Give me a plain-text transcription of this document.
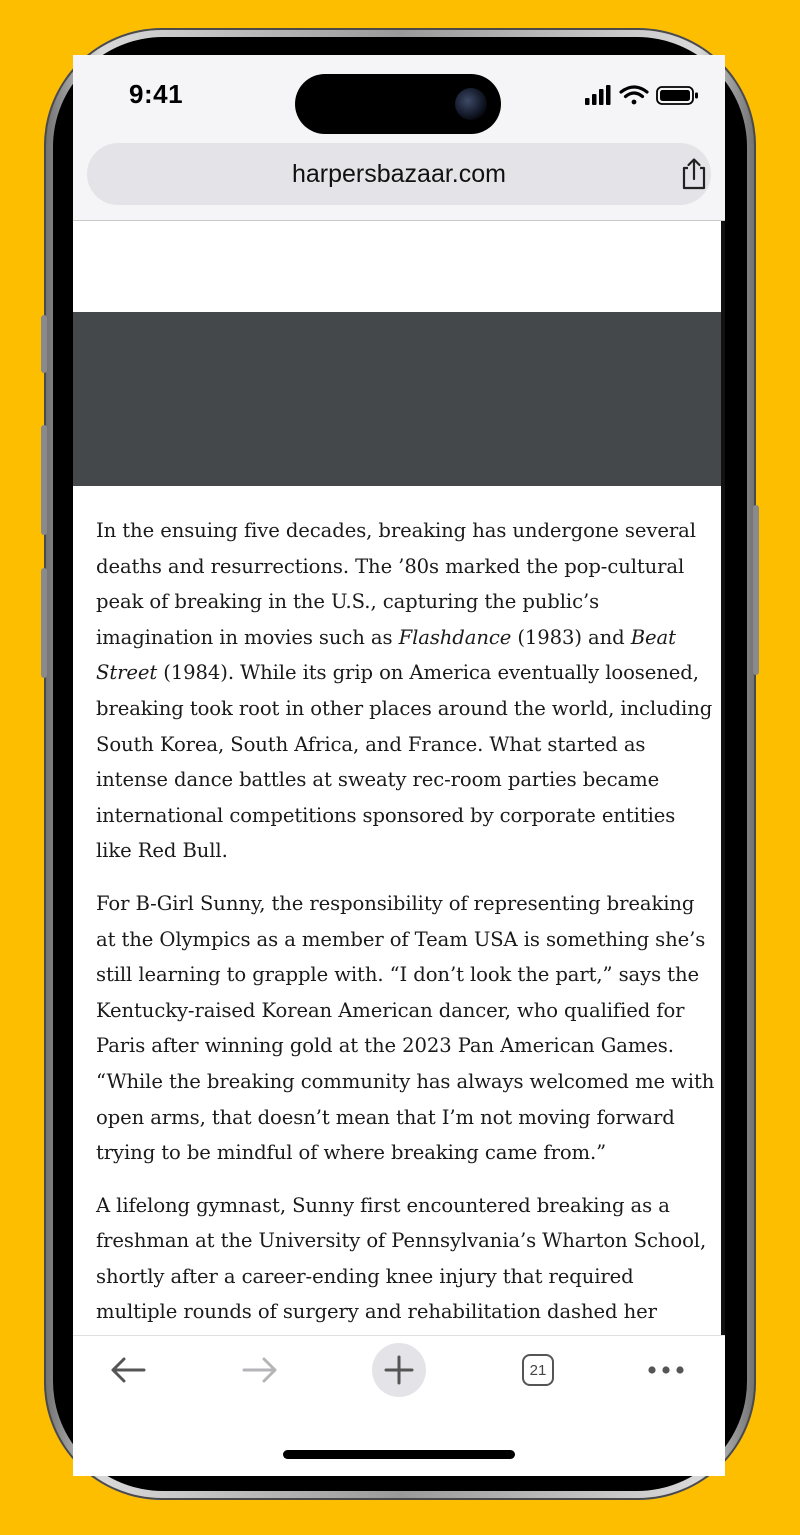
9:41
harpersbazaar.com

In the ensuing five decades, breaking has undergone several deaths and resurrections. The ’80s marked the pop-cultural peak of breaking in the U.S., capturing the public’s imagination in movies such as Flashdance (1983) and Beat Street (1984). While its grip on America eventually loosened, breaking took root in other places around the world, including South Korea, South Africa, and France. What started as intense dance battles at sweaty rec-room parties became international competitions sponsored by corporate entities like Red Bull.

For B-Girl Sunny, the responsibility of representing breaking at the Olympics as a member of Team USA is something she’s still learning to grapple with. “I don’t look the part,” says the Kentucky-raised Korean American dancer, who qualified for Paris after winning gold at the 2023 Pan American Games. “While the breaking community has always welcomed me with open arms, that doesn’t mean that I’m not moving forward trying to be mindful of where breaking came from.”

A lifelong gymnast, Sunny first encountered breaking as a freshman at the University of Pennsylvania’s Wharton School, shortly after a career-ending knee injury that required multiple rounds of surgery and rehabilitation dashed her

21
